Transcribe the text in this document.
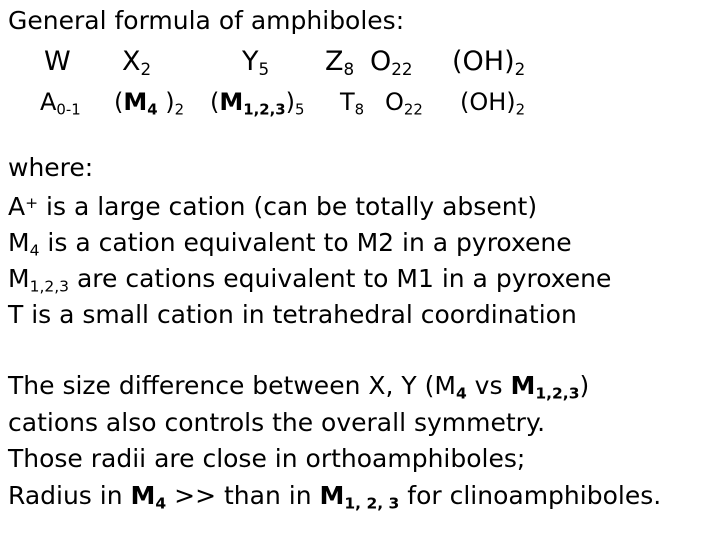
General formula of amphiboles:
W $X_2$	$Y_5$ $Z_8$ $O_{22}$ $(OH)_2$
$A_{0-1}$ ($M_4$ )$_2$ $(M_{1,2,3})_5$ $T_8$ $O_{22}$ $(OH)_2$
where:
A+ is a large cation (can be totally absent)
$M_4$ is a cation equivalent to M2 in a pyroxene
$M_{1,2,3}$ are cations equivalent to M1 in a pyroxene
T is a small cation in tetrahedral coordination
The size difference between X, Y ($M_4$ vs $M_{1,2,3}$)
cations also controls the overall symmetry.
Those radii are close in orthoamphiboles;
Radius in $M_4$ >> than in $M_{1, 2, 3}$ for clinoamphiboles.
